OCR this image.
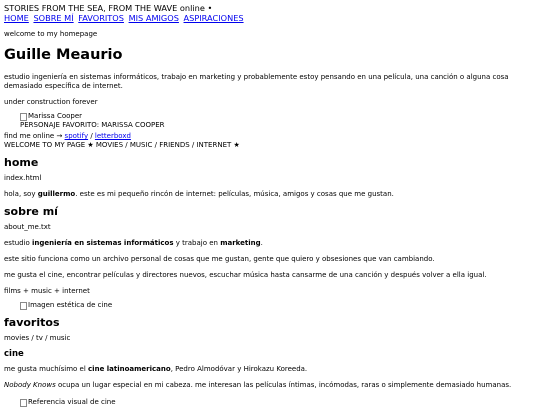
STORIES FROM THE SEA, FROM THE WAVE online •
HOME SOBRE MÍ FAVORITOS MIS AMIGOS ASPIRACIONES

welcome to my homepage

Guille Meaurio

estudio ingeniería en sistemas informáticos, trabajo en marketing y probablemente estoy pensando en una película, una canción o alguna cosa demasiado específica de internet.

under construction forever

Marissa Cooper
PERSONAJE FAVORITO: MARISSA COOPER

find me online → spotify / letterboxd

WELCOME TO MY PAGE ★ MOVIES / MUSIC / FRIENDS / INTERNET ★

home

index.html

hola, soy guillermo. este es mi pequeño rincón de internet: películas, música, amigos y cosas que me gustan.

sobre mí

about_me.txt

estudio ingeniería en sistemas informáticos y trabajo en marketing.

este sitio funciona como un archivo personal de cosas que me gustan, gente que quiero y obsesiones que van cambiando.

me gusta el cine, encontrar películas y directores nuevos, escuchar música hasta cansarme de una canción y después volver a ella igual.

films + music + internet

Imagen estética de cine
favoritos

movies / tv / music

cine

me gusta muchísimo el cine latinoamericano, Pedro Almodóvar y Hirokazu Koreeda.

Nobody Knows ocupa un lugar especial en mi cabeza. me interesan las películas íntimas, incómodas, raras o simplemente demasiado humanas.

Referencia visual de cine
